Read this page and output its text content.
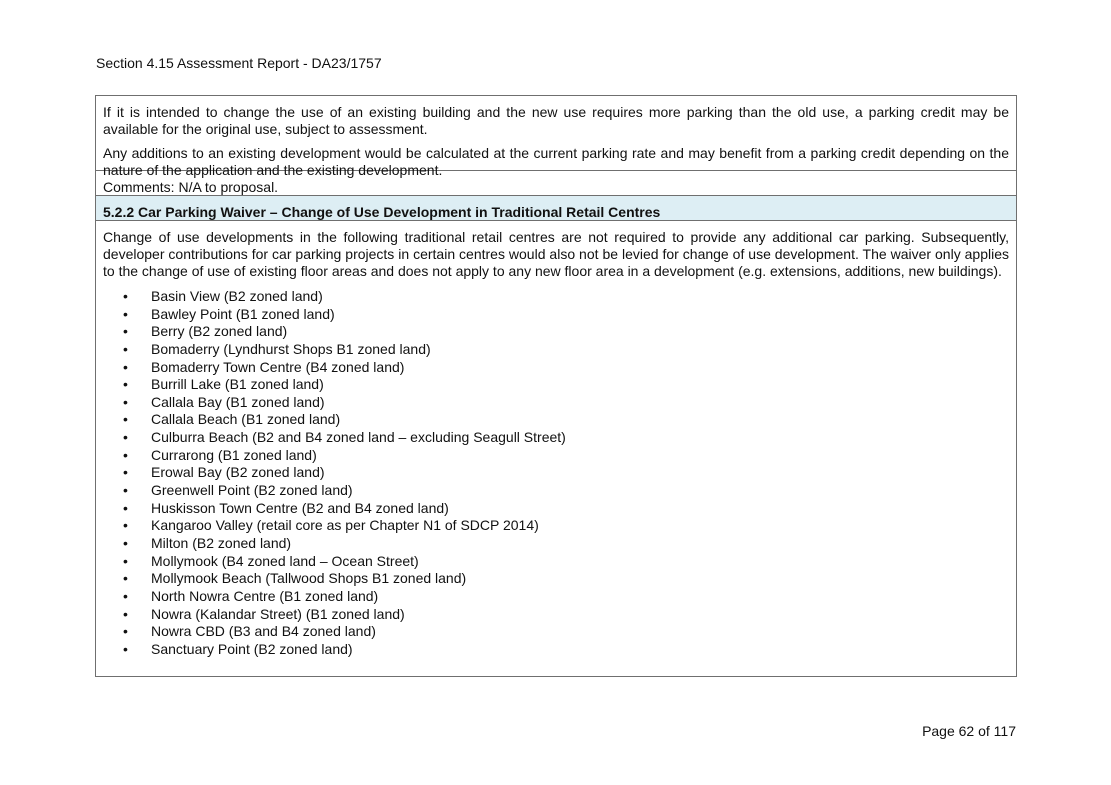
Section 4.15 Assessment Report - DA23/1757

If it is intended to change the use of an existing building and the new use requires more parking than the old use, a parking credit may be available for the original use, subject to assessment.

Any additions to an existing development would be calculated at the current parking rate and may benefit from a parking credit depending on the nature of the application and the existing development.

Comments: N/A to proposal.
5.2.2 Car Parking Waiver – Change of Use Development in Traditional Retail Centres

Change of use developments in the following traditional retail centres are not required to provide any additional car parking. Subsequently, developer contributions for car parking projects in certain centres would also not be levied for change of use development. The waiver only applies to the change of use of existing floor areas and does not apply to any new floor area in a development (e.g. extensions, additions, new buildings).

• Basin View (B2 zoned land)
• Bawley Point (B1 zoned land)
• Berry (B2 zoned land)
• Bomaderry (Lyndhurst Shops B1 zoned land)
• Bomaderry Town Centre (B4 zoned land)
• Burrill Lake (B1 zoned land)
• Callala Bay (B1 zoned land)
• Callala Beach (B1 zoned land)
• Culburra Beach (B2 and B4 zoned land – excluding Seagull Street)
• Currarong (B1 zoned land)
• Erowal Bay (B2 zoned land)
• Greenwell Point (B2 zoned land)
• Huskisson Town Centre (B2 and B4 zoned land)
• Kangaroo Valley (retail core as per Chapter N1 of SDCP 2014)
• Milton (B2 zoned land)
• Mollymook (B4 zoned land – Ocean Street)
• Mollymook Beach (Tallwood Shops B1 zoned land)
• North Nowra Centre (B1 zoned land)
• Nowra (Kalandar Street) (B1 zoned land)
• Nowra CBD (B3 and B4 zoned land)
• Sanctuary Point (B2 zoned land)
Page 62 of 117
